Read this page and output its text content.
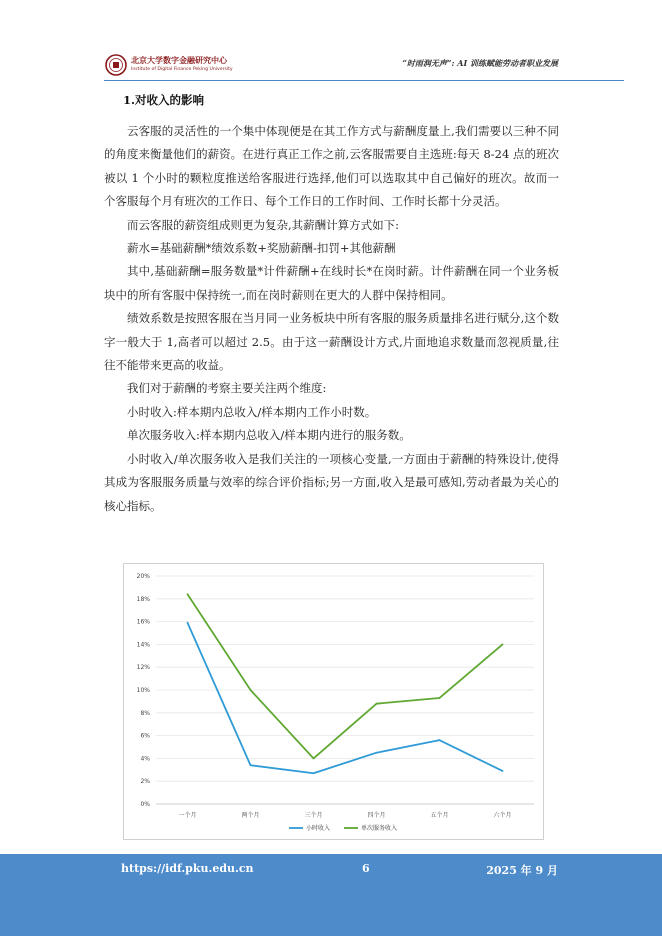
北京大学数字金融研究中心
Institute of Digital Finance Peking University
“时雨润无声”: AI 训练赋能劳动者职业发展
1.对收入的影响

云客服的灵活性的一个集中体现便是在其工作方式与薪酬度量上,我们需要以三种不同的角度来衡量他们的薪资。在进行真正工作之前,云客服需要自主选班:每天 8-24 点的班次被以 1 个小时的颗粒度推送给客服进行选择,他们可以选取其中自己偏好的班次。故而一个客服每个月有班次的工作日、每个工作日的工作时间、工作时长都十分灵活。

而云客服的薪资组成则更为复杂,其薪酬计算方式如下:

薪水=基础薪酬*绩效系数+奖励薪酬-扣罚+其他薪酬

其中,基础薪酬=服务数量*计件薪酬+在线时长*在岗时薪。计件薪酬在同一个业务板块中的所有客服中保持统一,而在岗时薪则在更大的人群中保持相同。

绩效系数是按照客服在当月同一业务板块中所有客服的服务质量排名进行赋分,这个数字一般大于 1,高者可以超过 2.5。由于这一薪酬设计方式,片面地追求数量而忽视质量,往往不能带来更高的收益。

我们对于薪酬的考察主要关注两个维度:

小时收入:样本期内总收入/样本期内工作小时数。

单次服务收入:样本期内总收入/样本期内进行的服务数。

小时收入/单次服务收入是我们关注的一项核心变量,一方面由于薪酬的特殊设计,使得其成为客服服务质量与效率的综合评价指标;另一方面,收入是最可感知,劳动者最为关心的核心指标。

0%
2%
4%
6%
8%
10%
12%
14%
16%
18%
20%
一个月	两个月	三个月	四个月	五个月	六个月
小时收入	单次服务收入
https://idf.pku.edu.cn	6	2025 年 9 月
